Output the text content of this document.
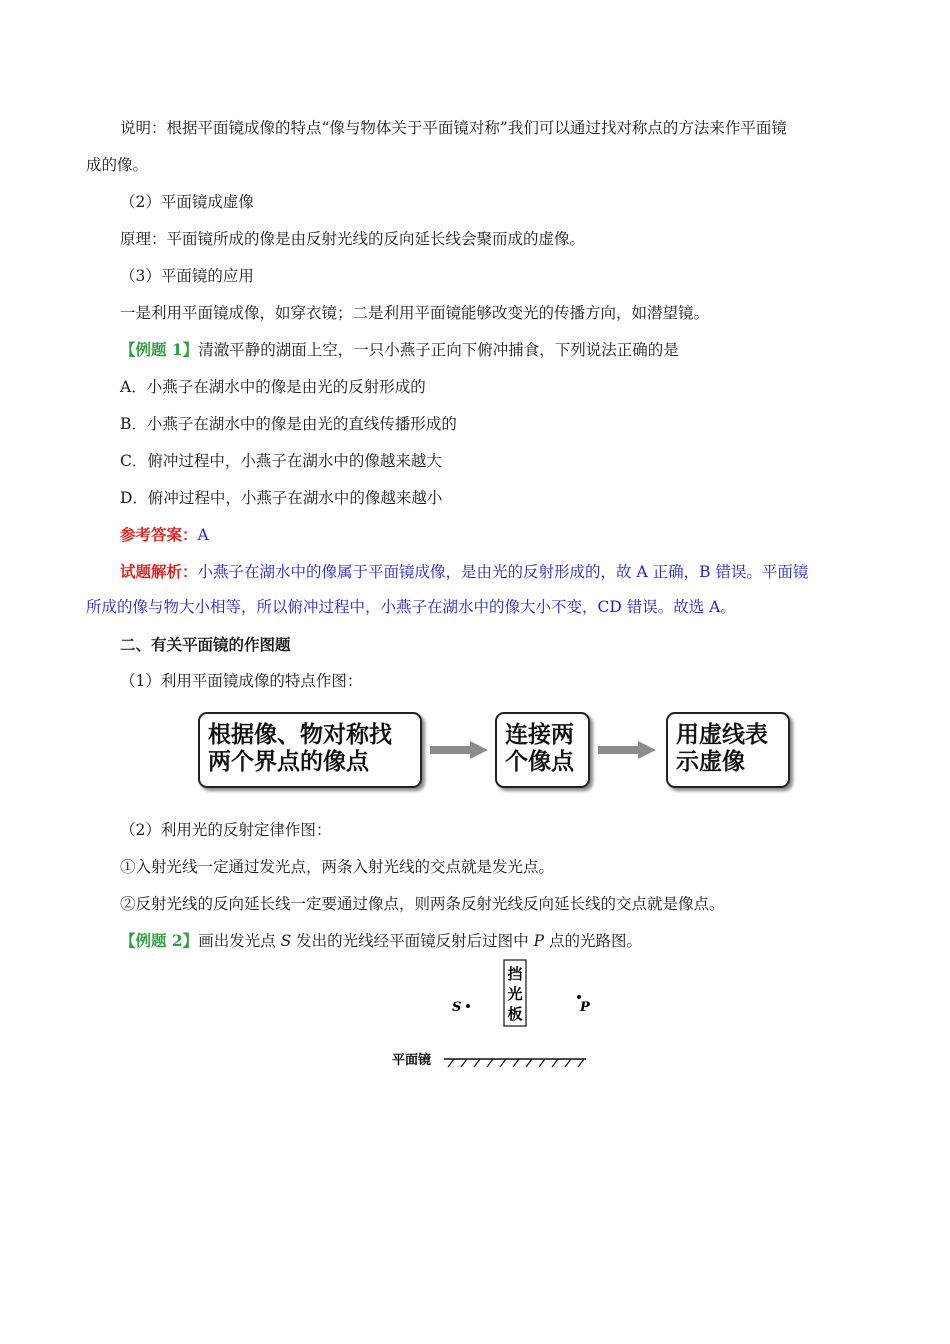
说明：根据平面镜成像的特点“像与物体关于平面镜对称”我们可以通过找对称点的方法来作平面镜
成的像。
（2）平面镜成虚像
原理：平面镜所成的像是由反射光线的反向延长线会聚而成的虚像。
（3）平面镜的应用
一是利用平面镜成像，如穿衣镜；二是利用平面镜能够改变光的传播方向，如潜望镜。
【例题 1】清澈平静的湖面上空，一只小燕子正向下俯冲捕食，下列说法正确的是
A．小燕子在湖水中的像是由光的反射形成的
B．小燕子在湖水中的像是由光的直线传播形成的
C．俯冲过程中，小燕子在湖水中的像越来越大
D．俯冲过程中，小燕子在湖水中的像越来越小
参考答案：A
试题解析：小燕子在湖水中的像属于平面镜成像，是由光的反射形成的，故 A 正确，B 错误。平面镜
所成的像与物大小相等，所以俯冲过程中，小燕子在湖水中的像大小不变，CD 错误。故选 A。
二、有关平面镜的作图题
（1）利用平面镜成像的特点作图：
根据像、物对称找
两个界点的像点
连接两
个像点
用虚线表
示虚像
（2）利用光的反射定律作图：
①入射光线一定通过发光点，两条入射光线的交点就是发光点。
②反射光线的反向延长线一定要通过像点，则两条反射光线反向延长线的交点就是像点。
【例题 2】画出发光点 S 发出的光线经平面镜反射后过图中 P 点的光路图。
S
挡
光
板	P
平面镜
